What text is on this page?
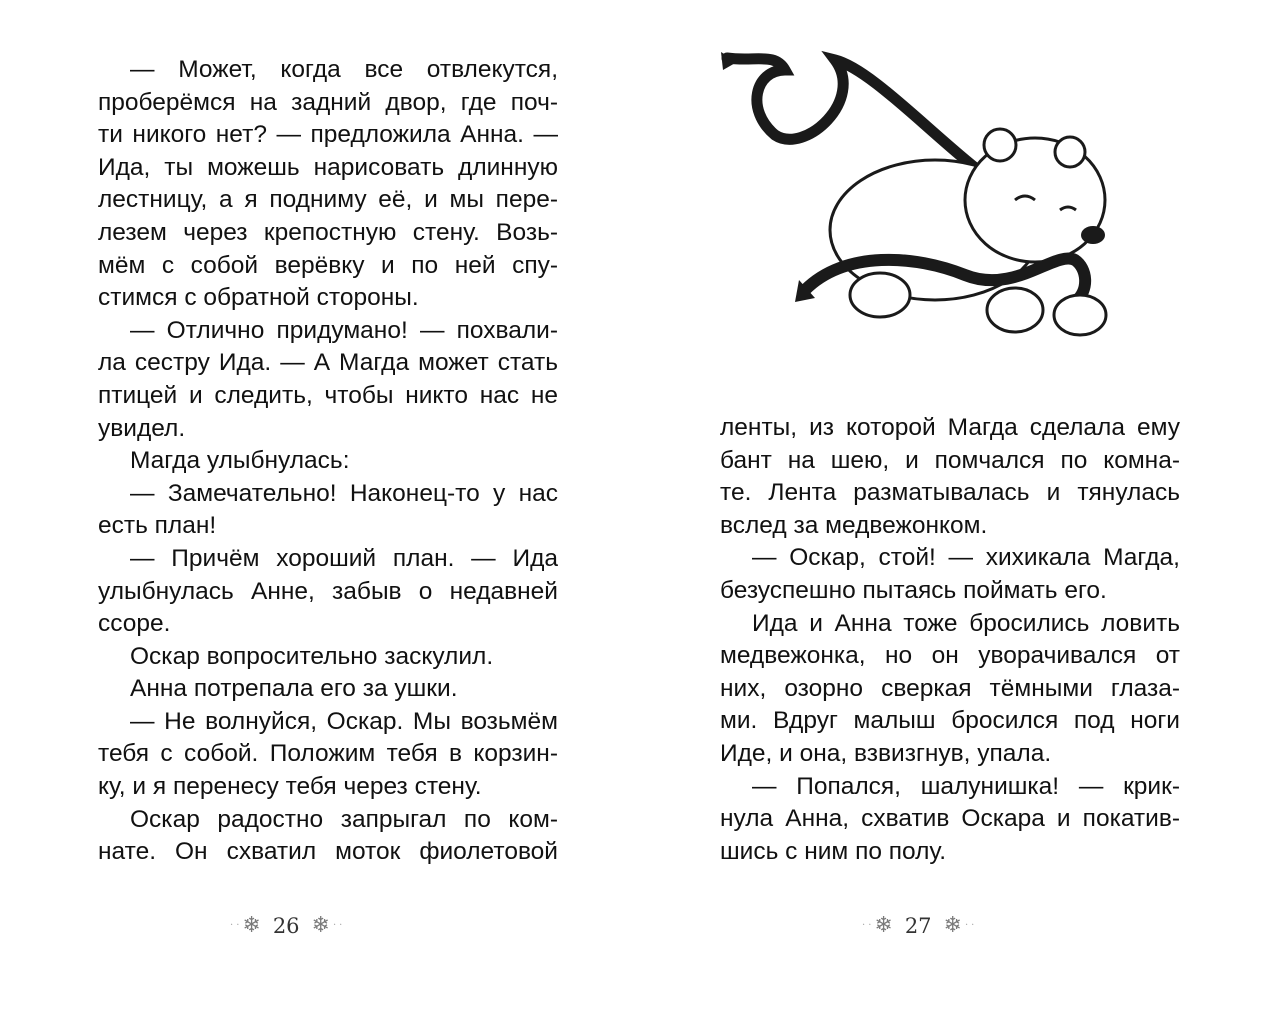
— Может, когда все отвлекутся,
проберёмся на задний двор, где поч-
ти никого нет? — предложила Анна. —
Ида, ты можешь нарисовать длинную
лестницу, а я подниму её, и мы пере-
лезем через крепостную стену. Возь-
мём с собой верёвку и по ней спу-
стимся с обратной стороны.
— Отлично придумано! — похвали-
ла сестру Ида. — А Магда может стать
птицей и следить, чтобы никто нас не
увидел.
Магда улыбнулась:
— Замечательно! Наконец-то у нас
есть план!
— Причём хороший план. — Ида
улыбнулась Анне, забыв о недавней
ссоре.
Оскар вопросительно заскулил.
Анна потрепала его за ушки.
— Не волнуйся, Оскар. Мы возьмём
тебя с собой. Положим тебя в корзин-
ку, и я перенесу тебя через стену.
Оскар радостно запрыгал по ком-
нате. Он схватил моток фиолетовой
· · ❄ 26 ❄ · ·
ленты, из которой Магда сделала ему
бант на шею, и помчался по комна-
те. Лента разматывалась и тянулась
вслед за медвежонком.
— Оскар, стой! — хихикала Магда,
безуспешно пытаясь поймать его.
Ида и Анна тоже бросились ловить
медвежонка, но он уворачивался от
них, озорно сверкая тёмными глаза-
ми. Вдруг малыш бросился под ноги
Иде, и она, взвизгнув, упала.
— Попался, шалунишка! — крик-
нула Анна, схватив Оскара и покатив-
шись с ним по полу.
· · ❄ 27 ❄ · ·
